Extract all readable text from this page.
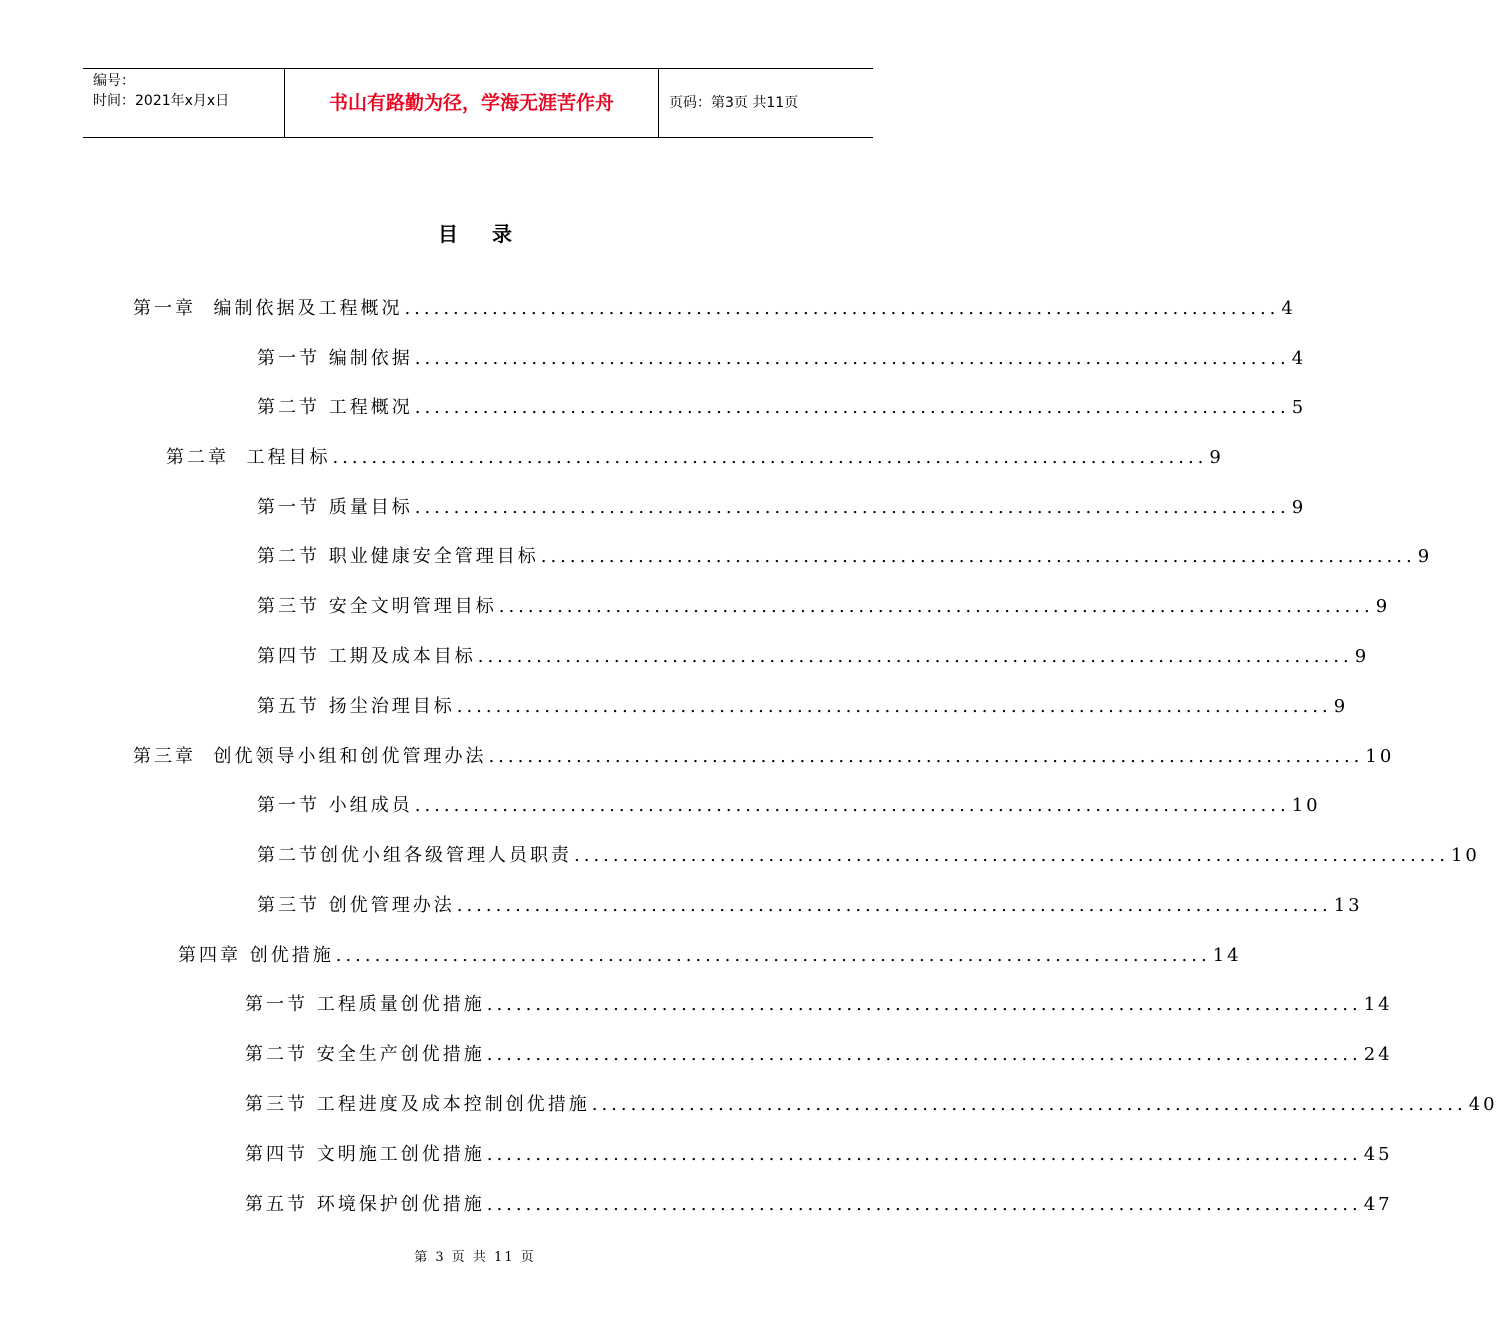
编号：
时间：2021年x月x日	书山有路勤为径，学海无涯苦作舟	页码：第3页 共11页
目录
第一章  编制依据及工程概况 .......................................................................................... 4
第一节 编制依据 .......................................................................................... 4
第二节 工程概况 .......................................................................................... 5
第二章  工程目标 .......................................................................................... 9
第一节 质量目标 .......................................................................................... 9
第二节 职业健康安全管理目标 .......................................................................................... 9
第三节 安全文明管理目标 .......................................................................................... 9
第四节 工期及成本目标 .......................................................................................... 9
第五节 扬尘治理目标 .......................................................................................... 9
第三章  创优领导小组和创优管理办法 .......................................................................................... 10
第一节 小组成员 .......................................................................................... 10
第二节创优小组各级管理人员职责 .......................................................................................... 10
第三节 创优管理办法 .......................................................................................... 13
第四章 创优措施 .......................................................................................... 14
第一节 工程质量创优措施 .......................................................................................... 14
第二节 安全生产创优措施 .......................................................................................... 24
第三节 工程进度及成本控制创优措施 .......................................................................................... 40
第四节 文明施工创优措施 .......................................................................................... 45
第五节 环境保护创优措施 .......................................................................................... 47
第 3 页 共 11 页
